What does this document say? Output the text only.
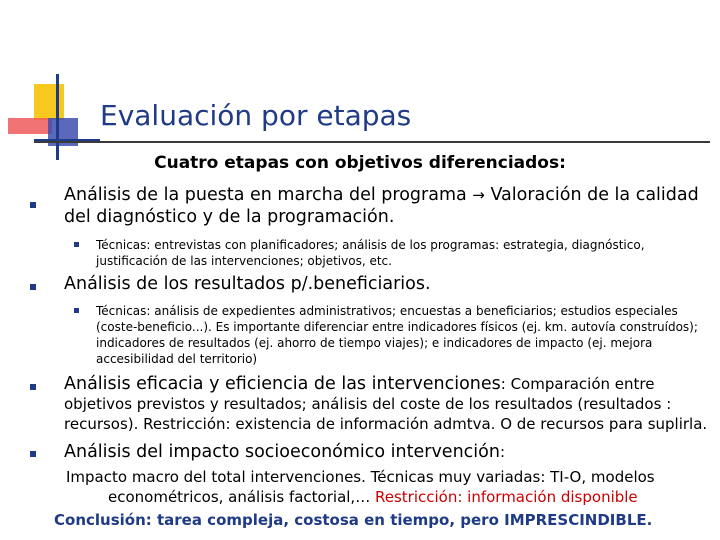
Evaluación por etapas
Cuatro etapas con objetivos diferenciados:
Análisis de la puesta en marcha del programa → Valoración de la calidad del diagnóstico y de la programación.
Técnicas: entrevistas con planificadores; análisis de los programas: estrategia, diagnóstico, justificación de las intervenciones; objetivos, etc.
Análisis de los resultados p/.beneficiarios.
Técnicas: análisis de expedientes administrativos; encuestas a beneficiarios; estudios especiales (coste-beneficio...). Es importante diferenciar entre indicadores físicos (ej. km. autovía construídos); indicadores de resultados (ej. ahorro de tiempo viajes); e indicadores de impacto (ej. mejora accesibilidad del territorio)
Análisis eficacia y eficiencia de las intervenciones: Comparación entre objetivos previstos y resultados; análisis del coste de los resultados (resultados : recursos). Restricción: existencia de información admtva. O de recursos para suplirla.
Análisis del impacto socioeconómico intervención:
Impacto macro del total intervenciones. Técnicas muy variadas: TI-O, modelos
econométricos, análisis factorial,… Restricción: información disponible
Conclusión: tarea compleja, costosa en tiempo, pero IMPRESCINDIBLE.
